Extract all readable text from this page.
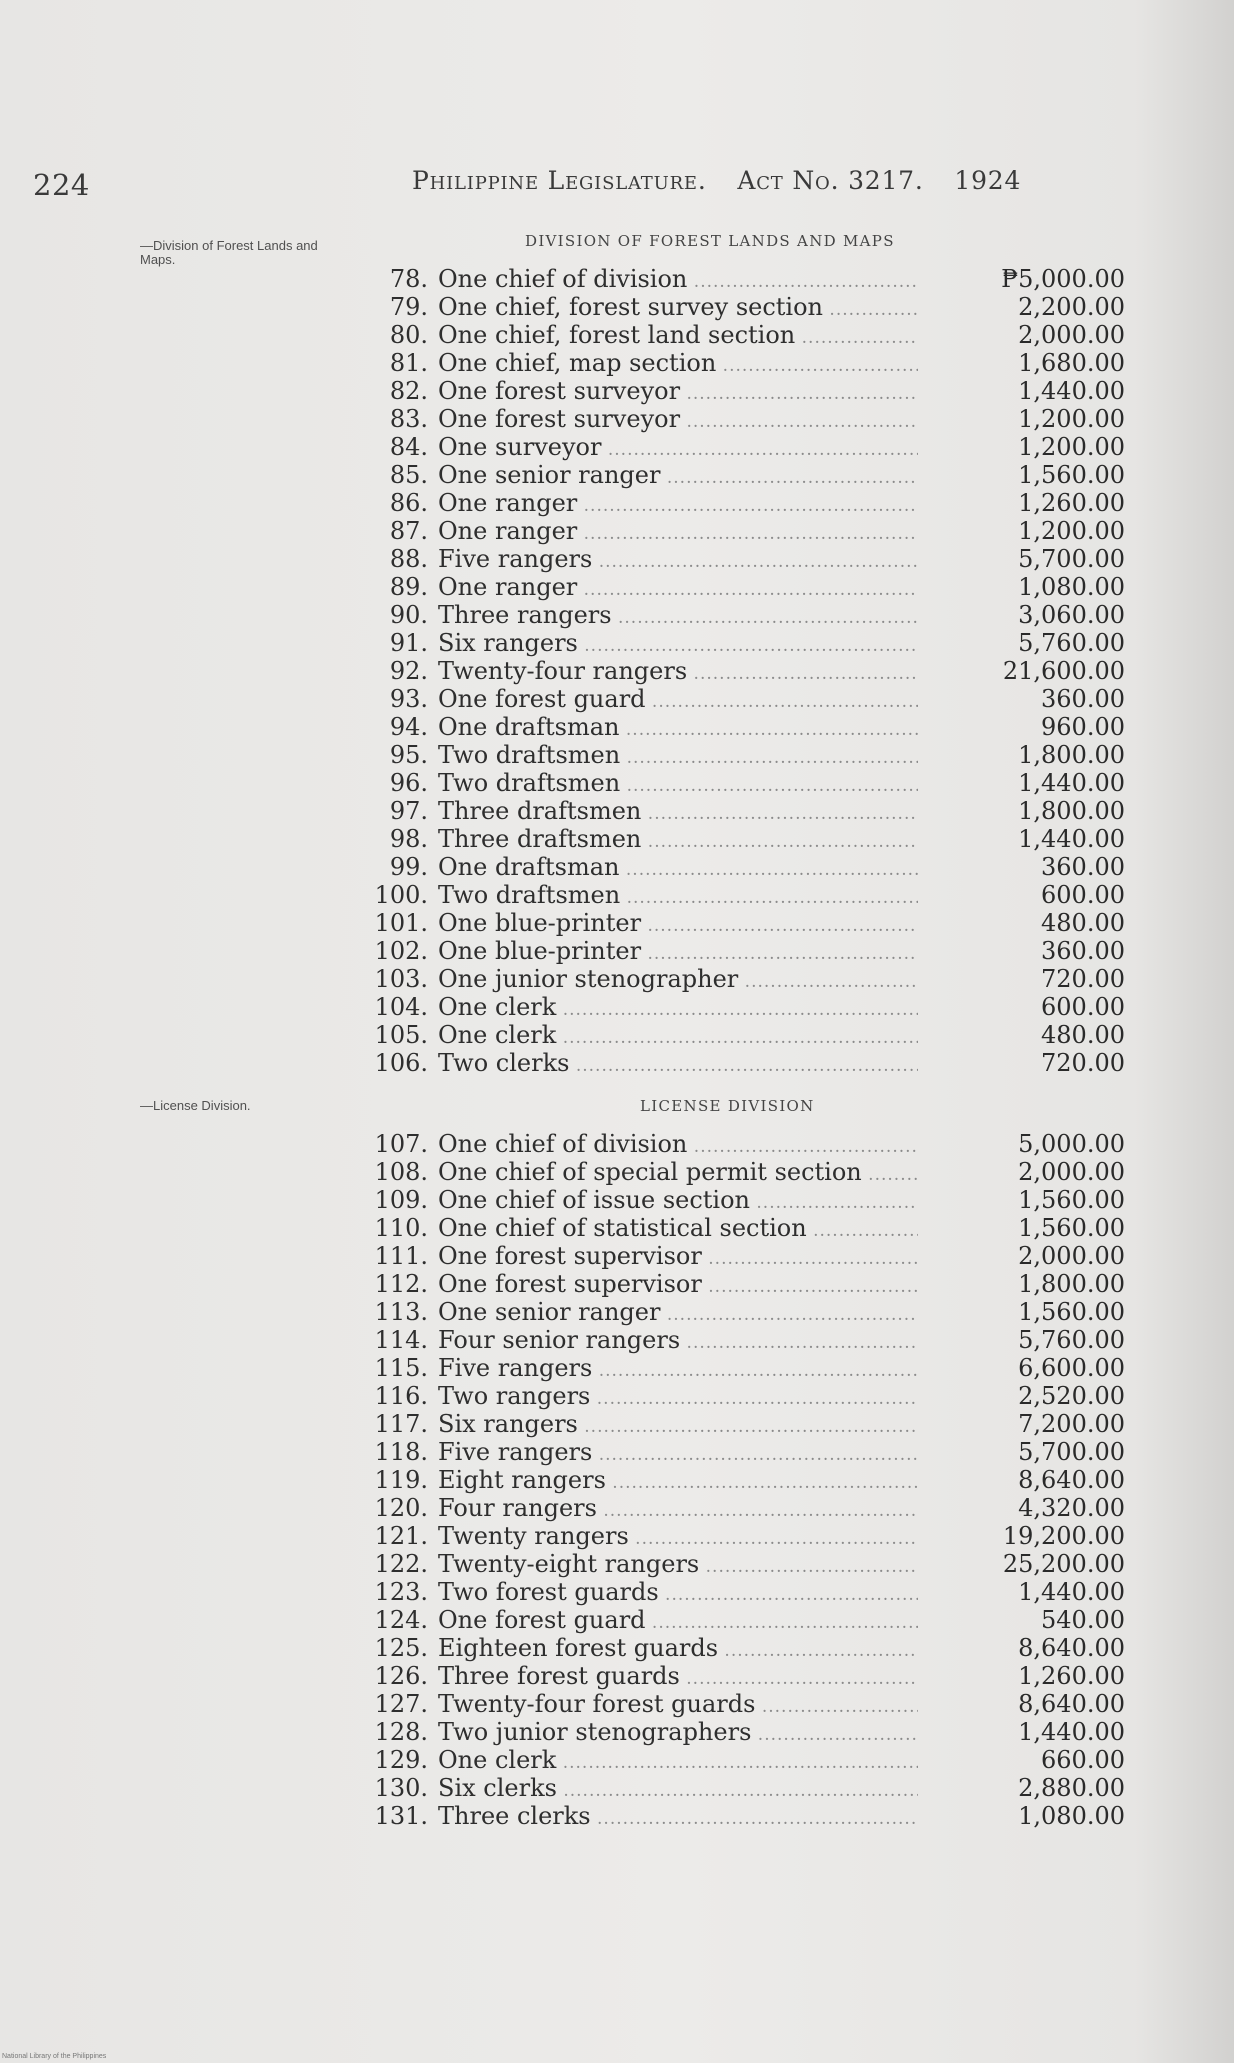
224	Philippine Legislature. Act No. 3217. 1924
—Division of Forest Lands and Maps.
DIVISION OF FOREST LANDS AND MAPS
78. One chief of division .....	₱5,000.00
79. One chief, forest survey section .....	2,200.00
80. One chief, forest land section .....	2,000.00
81. One chief, map section .....	1,680.00
82. One forest surveyor .....	1,440.00
83. One forest surveyor .....	1,200.00
84. One surveyor .....	1,200.00
85. One senior ranger .....	1,560.00
86. One ranger .....	1,260.00
87. One ranger .....	1,200.00
88. Five rangers .....	5,700.00
89. One ranger .....	1,080.00
90. Three rangers .....	3,060.00
91. Six rangers .....	5,760.00
92. Twenty-four rangers .....	21,600.00
93. One forest guard .....	360.00
94. One draftsman .....	960.00
95. Two draftsmen .....	1,800.00
96. Two draftsmen .....	1,440.00
97. Three draftsmen .....	1,800.00
98. Three draftsmen .....	1,440.00
99. One draftsman .....	360.00
100. Two draftsmen .....	600.00
101. One blue-printer .....	480.00
102. One blue-printer .....	360.00
103. One junior stenographer .....	720.00
104. One clerk .....	600.00
105. One clerk .....	480.00
106. Two clerks .....	720.00
—License Division.	LICENSE DIVISION
107. One chief of division .....	5,000.00
108. One chief of special permit section .....	2,000.00
109. One chief of issue section .....	1,560.00
110. One chief of statistical section .....	1,560.00
111. One forest supervisor .....	2,000.00
112. One forest supervisor .....	1,800.00
113. One senior ranger .....	1,560.00
114. Four senior rangers .....	5,760.00
115. Five rangers .....	6,600.00
116. Two rangers .....	2,520.00
117. Six rangers .....	7,200.00
118. Five rangers .....	5,700.00
119. Eight rangers .....	8,640.00
120. Four rangers .....	4,320.00
121. Twenty rangers .....	19,200.00
122. Twenty-eight rangers .....	25,200.00
123. Two forest guards .....	1,440.00
124. One forest guard .....	540.00
125. Eighteen forest guards .....	8,640.00
126. Three forest guards .....	1,260.00
127. Twenty-four forest guards .....	8,640.00
128. Two junior stenographers .....	1,440.00
129. One clerk .....	660.00
130. Six clerks .....	2,880.00
131. Three clerks .....	1,080.00
National Library of the Philippines
